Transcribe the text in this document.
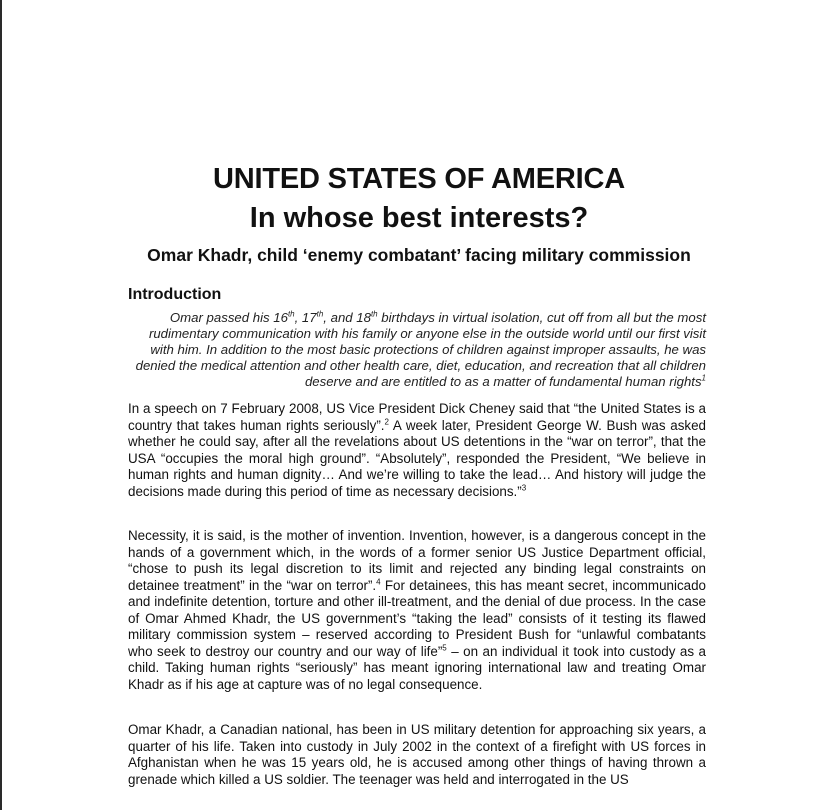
UNITED STATES OF AMERICA
In whose best interests?
Omar Khadr, child ‘enemy combatant’ facing military commission
Introduction
Omar passed his 16th, 17th, and 18th birthdays in virtual isolation, cut off from all but the most rudimentary communication with his family or anyone else in the outside world until our first visit with him. In addition to the most basic protections of children against improper assaults, he was denied the medical attention and other health care, diet, education, and recreation that all children deserve and are entitled to as a matter of fundamental human rights$^1$
In a speech on 7 February 2008, US Vice President Dick Cheney said that “the United States is a country that takes human rights seriously”.$^2$ A week later, President George W. Bush was asked whether he could say, after all the revelations about US detentions in the “war on terror”, that the USA “occupies the moral high ground”. “Absolutely”, responded the President, “We believe in human rights and human dignity… And we’re willing to take the lead… And history will judge the decisions made during this period of time as necessary decisions.”$^3$
Necessity, it is said, is the mother of invention. Invention, however, is a dangerous concept in the hands of a government which, in the words of a former senior US Justice Department official, “chose to push its legal discretion to its limit and rejected any binding legal constraints on detainee treatment” in the “war on terror”.$^4$ For detainees, this has meant secret, incommunicado and indefinite detention, torture and other ill-treatment, and the denial of due process. In the case of Omar Ahmed Khadr, the US government’s “taking the lead” consists of it testing its flawed military commission system – reserved according to President Bush for “unlawful combatants who seek to destroy our country and our way of life”$^5$ – on an individual it took into custody as a child. Taking human rights “seriously” has meant ignoring international law and treating Omar Khadr as if his age at capture was of no legal consequence.
Omar Khadr, a Canadian national, has been in US military detention for approaching six years, a quarter of his life. Taken into custody in July 2002 in the context of a firefight with US forces in Afghanistan when he was 15 years old, he is accused among other things of having thrown a grenade which killed a US soldier. The teenager was held and interrogated in the US
